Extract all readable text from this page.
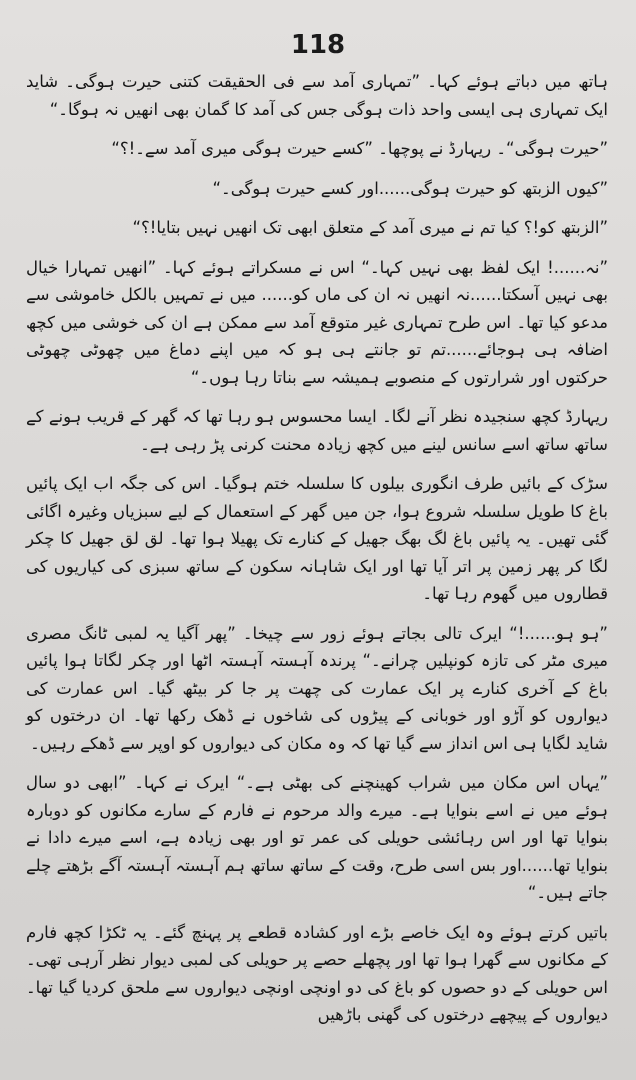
118

ہاتھ میں دباتے ہوئے کہا۔ ”تمہاری آمد سے فی الحقیقت کتنی حیرت ہوگی۔ شاید ایک تمہاری ہی ایسی واحد ذات ہوگی جس کی آمد کا گمان بھی انھیں نہ ہوگا۔“

”حیرت ہوگی“۔ ریہارڈ نے پوچھا۔ ”کسے حیرت ہوگی میری آمد سے۔!؟“

”کیوں الزبتھ کو حیرت ہوگی......اور کسے حیرت ہوگی۔“

”الزبتھ کو!؟ کیا تم نے میری آمد کے متعلق ابھی تک انھیں نہیں بتایا!؟“

”نہ......! ایک لفظ بھی نہیں کہا۔“ اس نے مسکراتے ہوئے کہا۔ ”انھیں تمہارا خیال بھی نہیں آسکتا......نہ انھیں نہ ان کی ماں کو...... میں نے تمہیں بالکل خاموشی سے مدعو کیا تھا۔ اس طرح تمہاری غیر متوقع آمد سے ممکن ہے ان کی خوشی میں کچھ اضافہ ہی ہوجائے......تم تو جانتے ہی ہو کہ میں اپنے دماغ میں چھوٹی چھوٹی حرکتوں اور شرارتوں کے منصوبے ہمیشہ سے بناتا رہا ہوں۔“

ریہارڈ کچھ سنجیدہ نظر آنے لگا۔ ایسا محسوس ہو رہا تھا کہ گھر کے قریب ہونے کے ساتھ ساتھ اسے سانس لینے میں کچھ زیادہ محنت کرنی پڑ رہی ہے۔

سڑک کے بائیں طرف انگوری بیلوں کا سلسلہ ختم ہوگیا۔ اس کی جگہ اب ایک پائیں باغ کا طویل سلسلہ شروع ہوا، جن میں گھر کے استعمال کے لیے سبزیاں وغیرہ اگائی گئی تھیں۔ یہ پائیں باغ لگ بھگ جھیل کے کنارے تک پھیلا ہوا تھا۔ لق لق جھیل کا چکر لگا کر پھر زمین پر اتر آیا تھا اور ایک شاہانہ سکون کے ساتھ سبزی کی کیاریوں کی قطاروں میں گھوم رہا تھا۔

”ہو ہو......!“ ایرک تالی بجاتے ہوئے زور سے چیخا۔ ”پھر آگیا یہ لمبی ٹانگ مصری میری مٹر کی تازہ کونپلیں چرانے۔“ پرندہ آہستہ آہستہ اٹھا اور چکر لگاتا ہوا پائیں باغ کے آخری کنارے پر ایک عمارت کی چھت پر جا کر بیٹھ گیا۔ اس عمارت کی دیواروں کو آڑو اور خوبانی کے پیڑوں کی شاخوں نے ڈھک رکھا تھا۔ ان درختوں کو شاید لگایا ہی اس انداز سے گیا تھا کہ وہ مکان کی دیواروں کو اوپر سے ڈھکے رہیں۔

”یہاں اس مکان میں شراب کھینچنے کی بھٹی ہے۔“ ایرک نے کہا۔ ”ابھی دو سال ہوئے میں نے اسے بنوایا ہے۔ میرے والد مرحوم نے فارم کے سارے مکانوں کو دوبارہ بنوایا تھا اور اس رہائشی حویلی کی عمر تو اور بھی زیادہ ہے، اسے میرے دادا نے بنوایا تھا......اور بس اسی طرح، وقت کے ساتھ ساتھ ہم آہستہ آہستہ آگے بڑھتے چلے جاتے ہیں۔“

باتیں کرتے ہوئے وہ ایک خاصے بڑے اور کشادہ قطعے پر پہنچ گئے۔ یہ ٹکڑا کچھ فارم کے مکانوں سے گھرا ہوا تھا اور پچھلے حصے پر حویلی کی لمبی دیوار نظر آرہی تھی۔ اس حویلی کے دو حصوں کو باغ کی دو اونچی اونچی دیواروں سے ملحق کردیا گیا تھا۔ دیواروں کے پیچھے درختوں کی گھنی باڑھیں
